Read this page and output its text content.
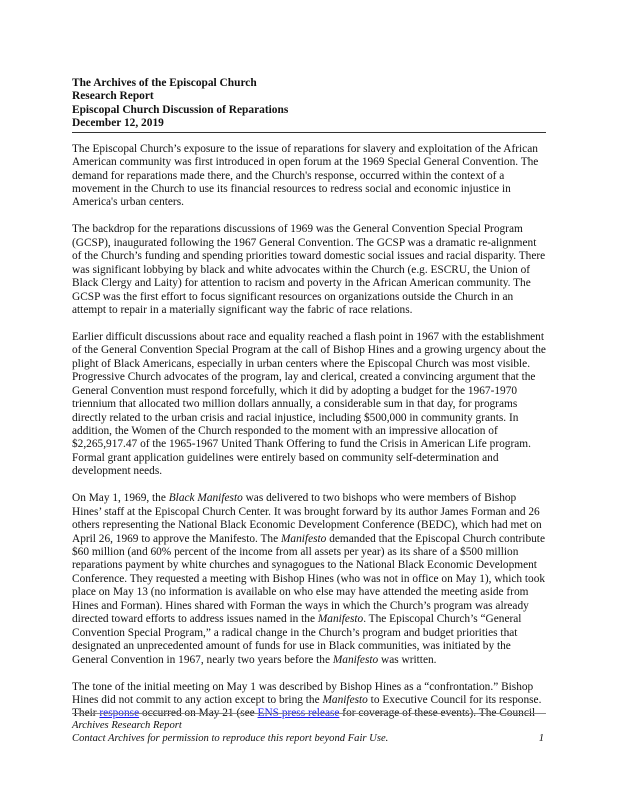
The Archives of the Episcopal Church
Research Report
Episcopal Church Discussion of Reparations
December 12, 2019

The Episcopal Church’s exposure to the issue of reparations for slavery and exploitation of the African American community was first introduced in open forum at the 1969 Special General Convention. The demand for reparations made there, and the Church's response, occurred within the context of a movement in the Church to use its financial resources to redress social and economic injustice in America's urban centers.

The backdrop for the reparations discussions of 1969 was the General Convention Special Program (GCSP), inaugurated following the 1967 General Convention. The GCSP was a dramatic re-alignment of the Church’s funding and spending priorities toward domestic social issues and racial disparity. There was significant lobbying by black and white advocates within the Church (e.g. ESCRU, the Union of Black Clergy and Laity) for attention to racism and poverty in the African American community. The GCSP was the first effort to focus significant resources on organizations outside the Church in an attempt to repair in a materially significant way the fabric of race relations.

Earlier difficult discussions about race and equality reached a flash point in 1967 with the establishment of the General Convention Special Program at the call of Bishop Hines and a growing urgency about the plight of Black Americans, especially in urban centers where the Episcopal Church was most visible. Progressive Church advocates of the program, lay and clerical, created a convincing argument that the General Convention must respond forcefully, which it did by adopting a budget for the 1967-1970 triennium that allocated two million dollars annually, a considerable sum in that day, for programs directly related to the urban crisis and racial injustice, including $500,000 in community grants. In addition, the Women of the Church responded to the moment with an impressive allocation of $2,265,917.47 of the 1965-1967 United Thank Offering to fund the Crisis in American Life program. Formal grant application guidelines were entirely based on community self-determination and development needs.

On May 1, 1969, the Black Manifesto was delivered to two bishops who were members of Bishop Hines’ staff at the Episcopal Church Center. It was brought forward by its author James Forman and 26 others representing the National Black Economic Development Conference (BEDC), which had met on April 26, 1969 to approve the Manifesto. The Manifesto demanded that the Episcopal Church contribute $60 million (and 60% percent of the income from all assets per year) as its share of a $500 million reparations payment by white churches and synagogues to the National Black Economic Development Conference. They requested a meeting with Bishop Hines (who was not in office on May 1), which took place on May 13 (no information is available on who else may have attended the meeting aside from Hines and Forman). Hines shared with Forman the ways in which the Church’s program was already directed toward efforts to address issues named in the Manifesto. The Episcopal Church’s “General Convention Special Program,” a radical change in the Church’s program and budget priorities that designated an unprecedented amount of funds for use in Black communities, was initiated by the General Convention in 1967, nearly two years before the Manifesto was written.

The tone of the initial meeting on May 1 was described by Bishop Hines as a “confrontation.” Bishop Hines did not commit to any action except to bring the Manifesto to Executive Council for its response. Their response occurred on May 21 (see ENS press release for coverage of these events). The Council

Archives Research Report
Contact Archives for permission to reproduce this report beyond Fair Use.	1
